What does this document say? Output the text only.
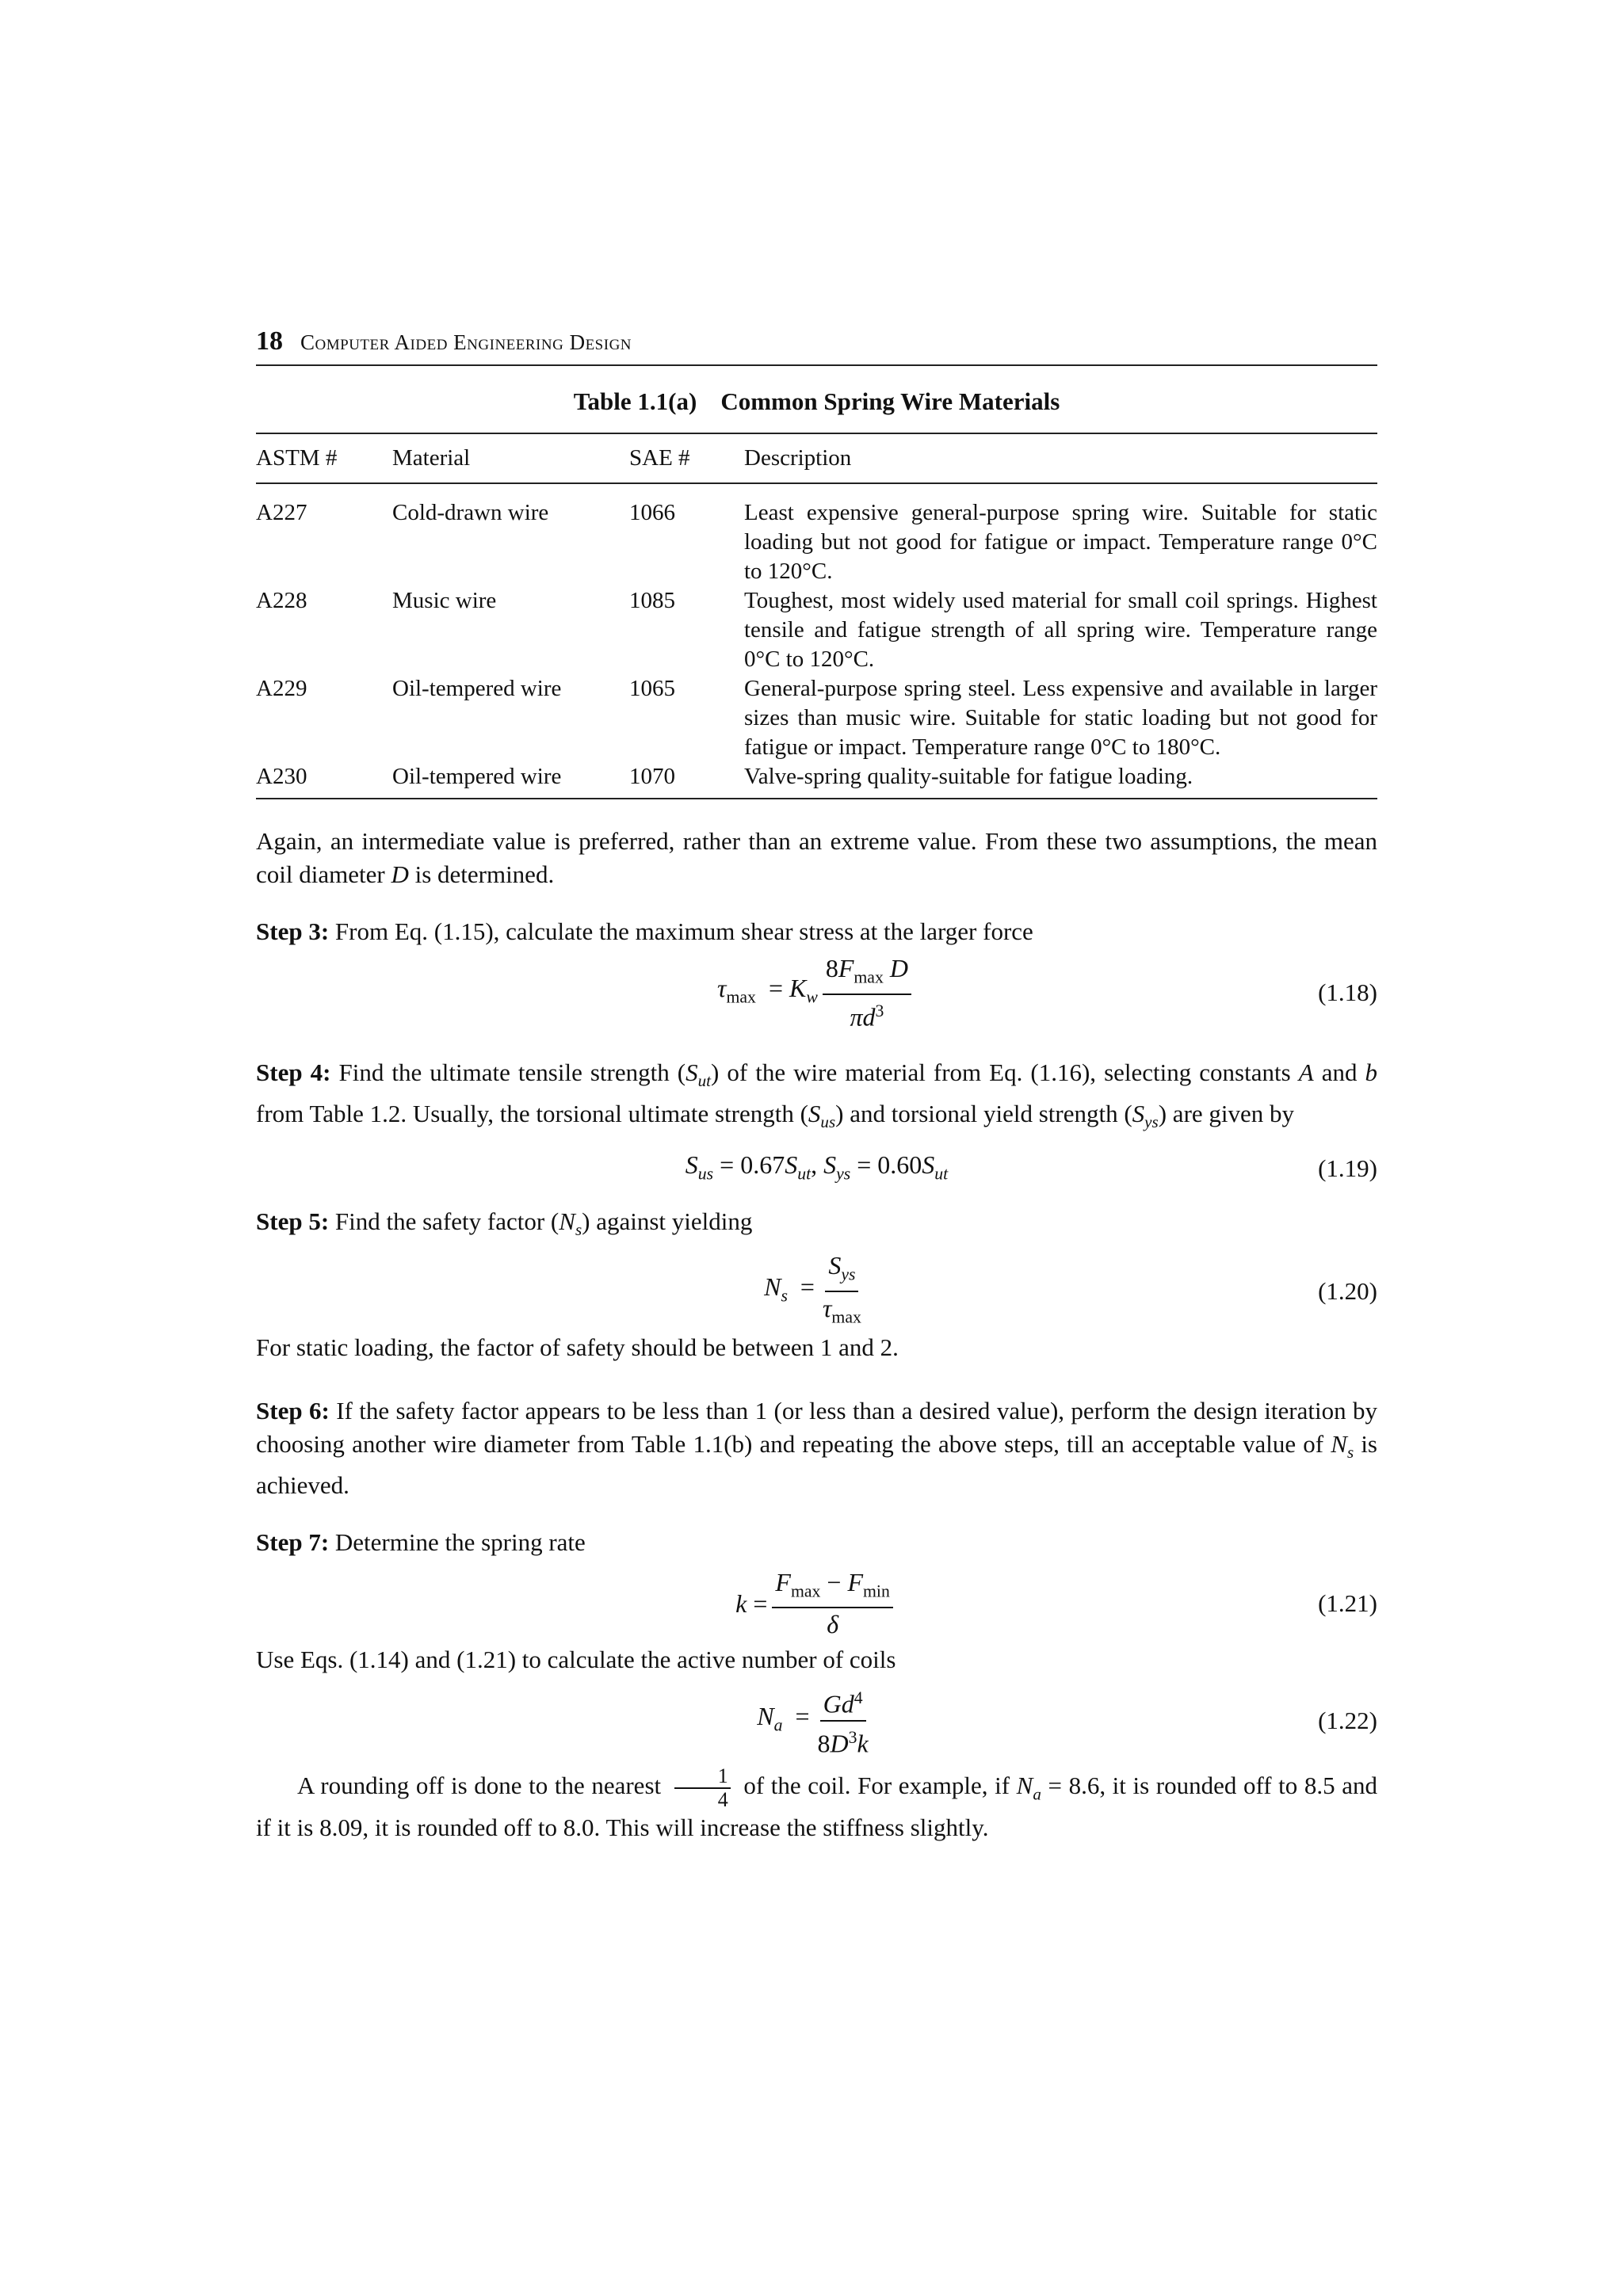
18 Computer Aided Engineering Design
Table 1.1(a) Common Spring Wire Materials
ASTM #	Material	SAE #	Description
A227	Cold-drawn wire	1066	Least expensive general-purpose spring wire. Suitable for static loading but not good for fatigue or impact. Temperature range 0°C to 120°C.
A228	Music wire	1085	Toughest, most widely used material for small coil springs. Highest tensile and fatigue strength of all spring wire. Temperature range 0°C to 120°C.
A229	Oil-tempered wire	1065	General-purpose spring steel. Less expensive and available in larger sizes than music wire. Suitable for static loading but not good for fatigue or impact. Temperature range 0°C to 180°C.
A230	Oil-tempered wire	1070	Valve-spring quality-suitable for fatigue loading.

Again, an intermediate value is preferred, rather than an extreme value. From these two assumptions, the mean coil diameter D is determined.

Step 3: From Eq. (1.15), calculate the maximum shear stress at the larger force

$\tau_{max} = K_w \frac{8F_{max} D}{\pi d^3}$	(1.18)

Step 4: Find the ultimate tensile strength $(S_{ut})$ of the wire material from Eq. (1.16), selecting constants A and b from Table 1.2. Usually, the torsional ultimate strength $(S_{us})$ and torsional yield strength $(S_{ys})$ are given by

$S_{us} = 0.67S_{ut}$, $S_{ys} = 0.60S_{ut}$	(1.19)

Step 5: Find the safety factor $(N_s)$ against yielding

$N_s = \frac{S_{ys}}{\tau_{max}}$	(1.20)

For static loading, the factor of safety should be between 1 and 2.

Step 6: If the safety factor appears to be less than 1 (or less than a desired value), perform the design iteration by choosing another wire diameter from Table 1.1(b) and repeating the above steps, till an acceptable value of $N_s$ is achieved.

Step 7: Determine the spring rate

$k = \frac{F_{max} - F_{min}}{\delta}$	(1.21)

Use Eqs. (1.14) and (1.21) to calculate the active number of coils

$N_a = \frac{Gd^4}{8D^3k}$	(1.22)

A rounding off is done to the nearest $\frac{1}{4}$ of the coil. For example, if $N_a = 8.6$, it is rounded off to 8.5 and if it is 8.09, it is rounded off to 8.0. This will increase the stiffness slightly.
